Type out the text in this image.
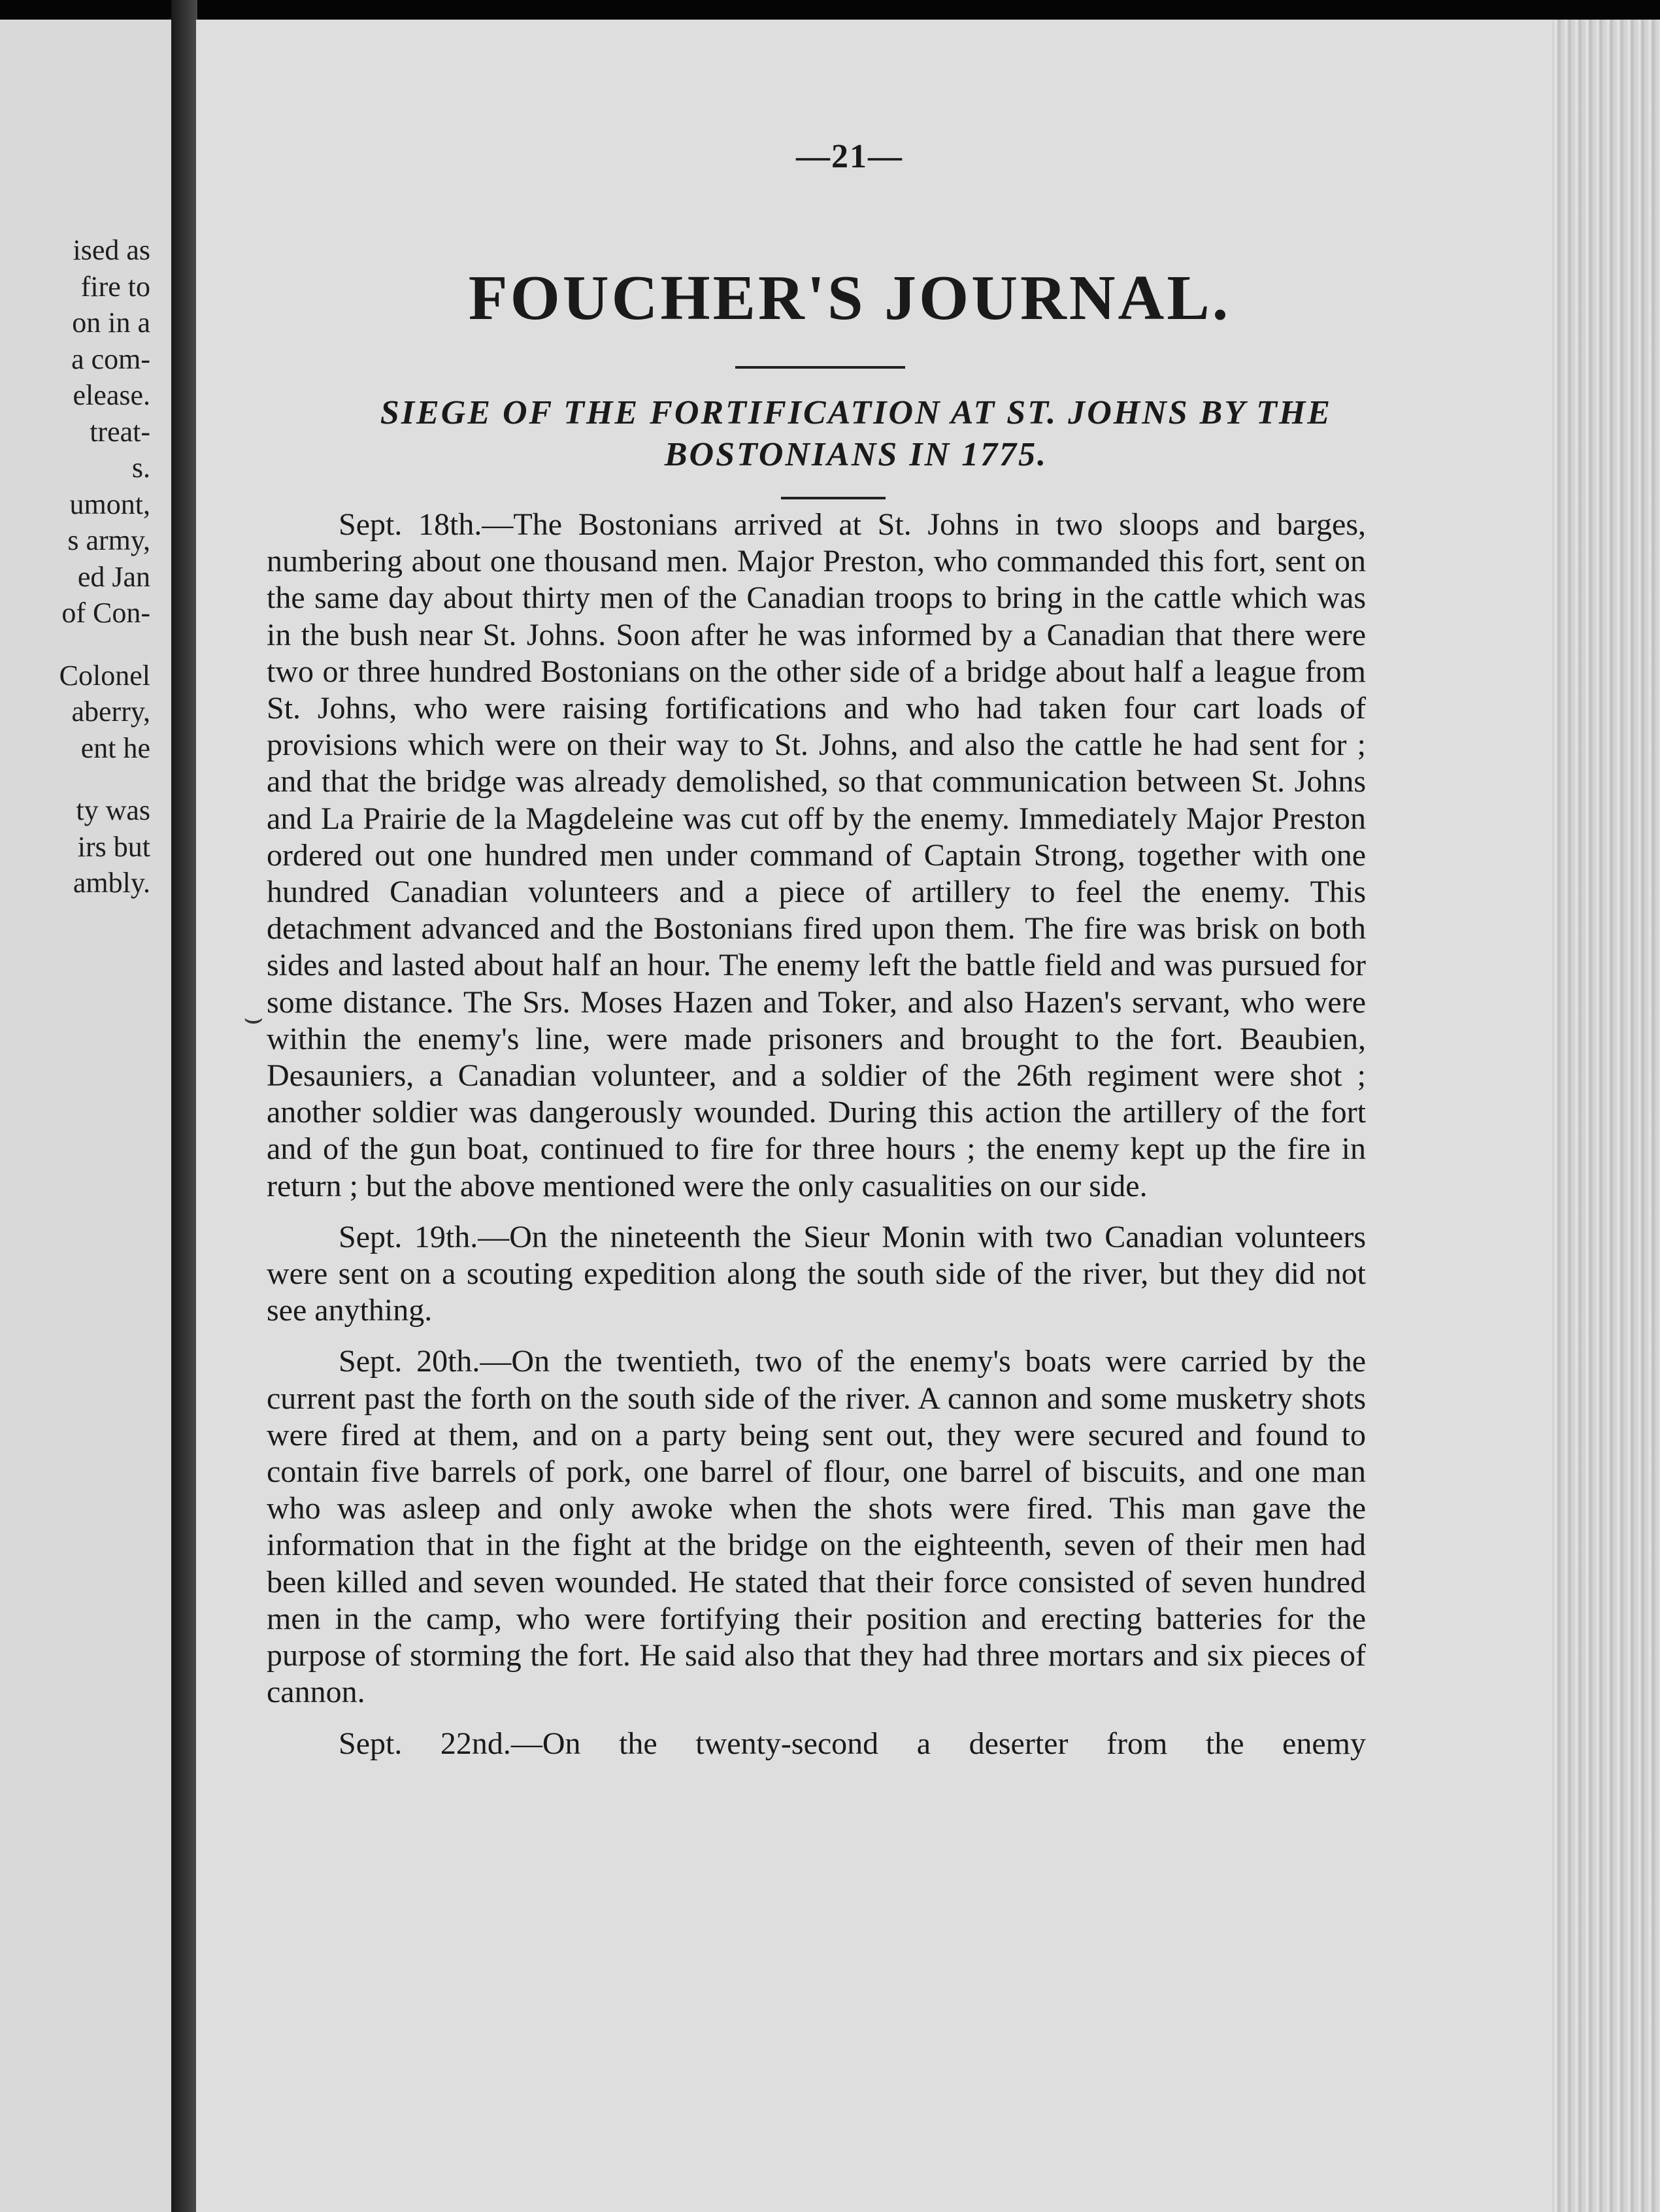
ised as
fire to
on in a
a com-
elease.
treat-
s.
umont,
s army,
ed Jan
of Con-
Colonel
aberry,
ent he
ty was
irs but
ambly.
—21—
FOUCHER'S JOURNAL.
SIEGE OF THE FORTIFICATION AT ST. JOHNS BY THE BOSTONIANS IN 1775.
⌣

Sept. 18th.—The Bostonians arrived at St. Johns in two sloops and barges, numbering about one thousand men. Major Preston, who commanded this fort, sent on the same day about thirty men of the Canadian troops to bring in the cattle which was in the bush near St. Johns. Soon after he was informed by a Canadian that there were two or three hundred Bostonians on the other side of a bridge about half a league from St. Johns, who were raising fortifications and who had taken four cart loads of provisions which were on their way to St. Johns, and also the cattle he had sent for ; and that the bridge was already demolished, so that communication between St. Johns and La Prairie de la Magdeleine was cut off by the enemy. Immediately Major Preston ordered out one hundred men under command of Captain Strong, together with one hundred Canadian volunteers and a piece of artillery to feel the enemy. This detachment advanced and the Bostonians fired upon them. The fire was brisk on both sides and lasted about half an hour. The enemy left the battle field and was pursued for some distance. The Srs. Moses Hazen and Toker, and also Hazen's servant, who were within the enemy's line, were made prisoners and brought to the fort. Beaubien, Desauniers, a Canadian volunteer, and a soldier of the 26th regiment were shot ; another soldier was dangerously wounded. During this action the artillery of the fort and of the gun boat, continued to fire for three hours ; the enemy kept up the fire in return ; but the above mentioned were the only casualities on our side.

Sept. 19th.—On the nineteenth the Sieur Monin with two Canadian volunteers were sent on a scouting expedition along the south side of the river, but they did not see anything.

Sept. 20th.—On the twentieth, two of the enemy's boats were carried by the current past the forth on the south side of the river. A cannon and some musketry shots were fired at them, and on a party being sent out, they were secured and found to contain five barrels of pork, one barrel of flour, one barrel of biscuits, and one man who was asleep and only awoke when the shots were fired. This man gave the information that in the fight at the bridge on the eighteenth, seven of their men had been killed and seven wounded. He stated that their force consisted of seven hundred men in the camp, who were fortifying their position and erecting batteries for the purpose of storming the fort. He said also that they had three mortars and six pieces of cannon.

Sept. 22nd.—On the twenty-second a deserter from the enemy
